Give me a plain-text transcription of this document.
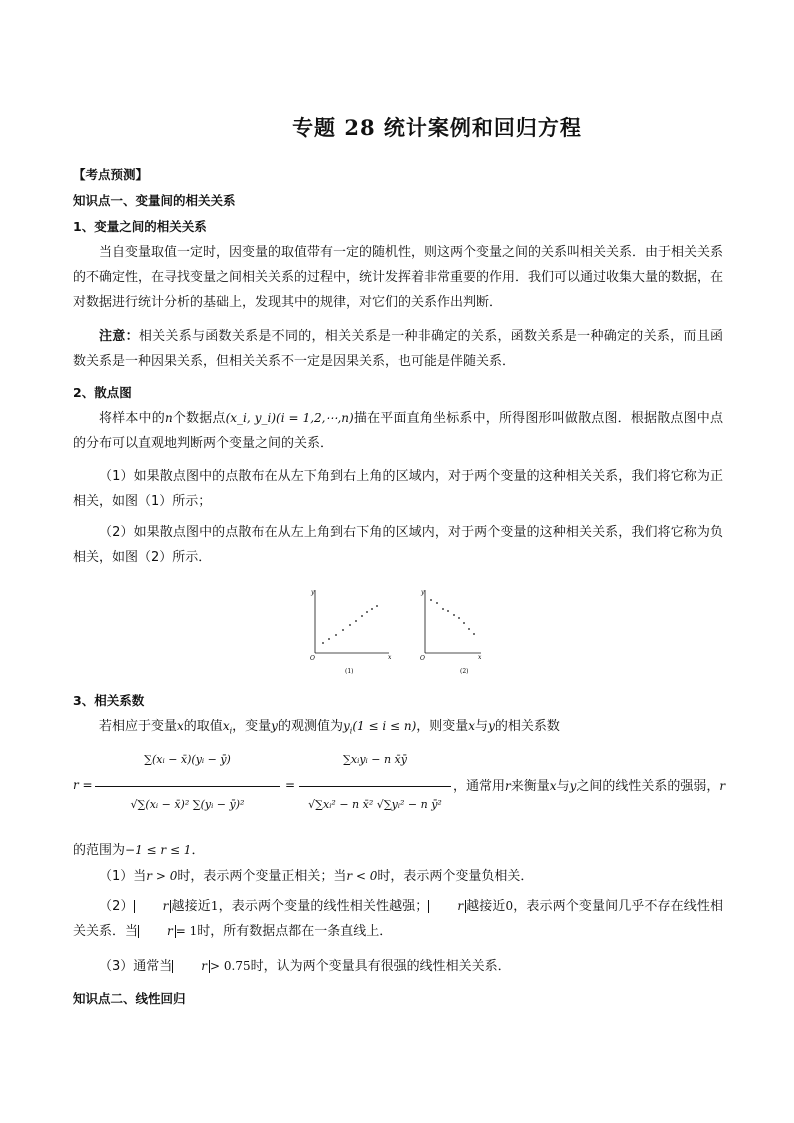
专题 28 统计案例和回归方程
【考点预测】
知识点一、变量间的相关关系
1、变量之间的相关关系
当自变量取值一定时，因变量的取值带有一定的随机性，则这两个变量之间的关系叫相关关系．由于相关关系的不确定性，在寻找变量之间相关关系的过程中，统计发挥着非常重要的作用．我们可以通过收集大量的数据，在对数据进行统计分析的基础上，发现其中的规律，对它们的关系作出判断．
注意：相关关系与函数关系是不同的，相关关系是一种非确定的关系，函数关系是一种确定的关系，而且函数关系是一种因果关系，但相关关系不一定是因果关系，也可能是伴随关系．
2、散点图
将样本中的n个数据点(x_i, y_i)(i = 1,2,⋯,n)描在平面直角坐标系中，所得图形叫做散点图．根据散点图中点的分布可以直观地判断两个变量之间的关系．
（1）如果散点图中的点散布在从左下角到右上角的区域内，对于两个变量的这种相关关系，我们将它称为正相关，如图（1）所示；
（2）如果散点图中的点散布在从左上角到右下角的区域内，对于两个变量的这种相关关系，我们将它称为负相关，如图（2）所示．
y
x
O
(1)
y
x
O
(2)
3、相关系数
若相应于变量x的取值$x_i$，变量y的观测值为$y_i(1 \le i \le n)$，则变量x与y的相关系数
r =
∑(xᵢ − x̄)(yᵢ − ȳ)
√∑(xᵢ − x̄)² ∑(yᵢ − ȳ)²
=
∑xᵢyᵢ − n x̄ȳ
√∑xᵢ² − n x̄² √∑yᵢ² − n ȳ²
，通常用r来衡量x与y之间的线性关系的强弱，r
的范围为−1 ≤ r ≤ 1．
（1）当r > 0时，表示两个变量正相关；当r < 0时，表示两个变量负相关．
（2） r 越接近1，表示两个变量的线性相关性越强； r 越接近0，表示两个变量间几乎不存在线性相关关系．当 r = 1时，所有数据点都在一条直线上．
（3）通常当 r > 0.75时，认为两个变量具有很强的线性相关关系．
知识点二、线性回归
